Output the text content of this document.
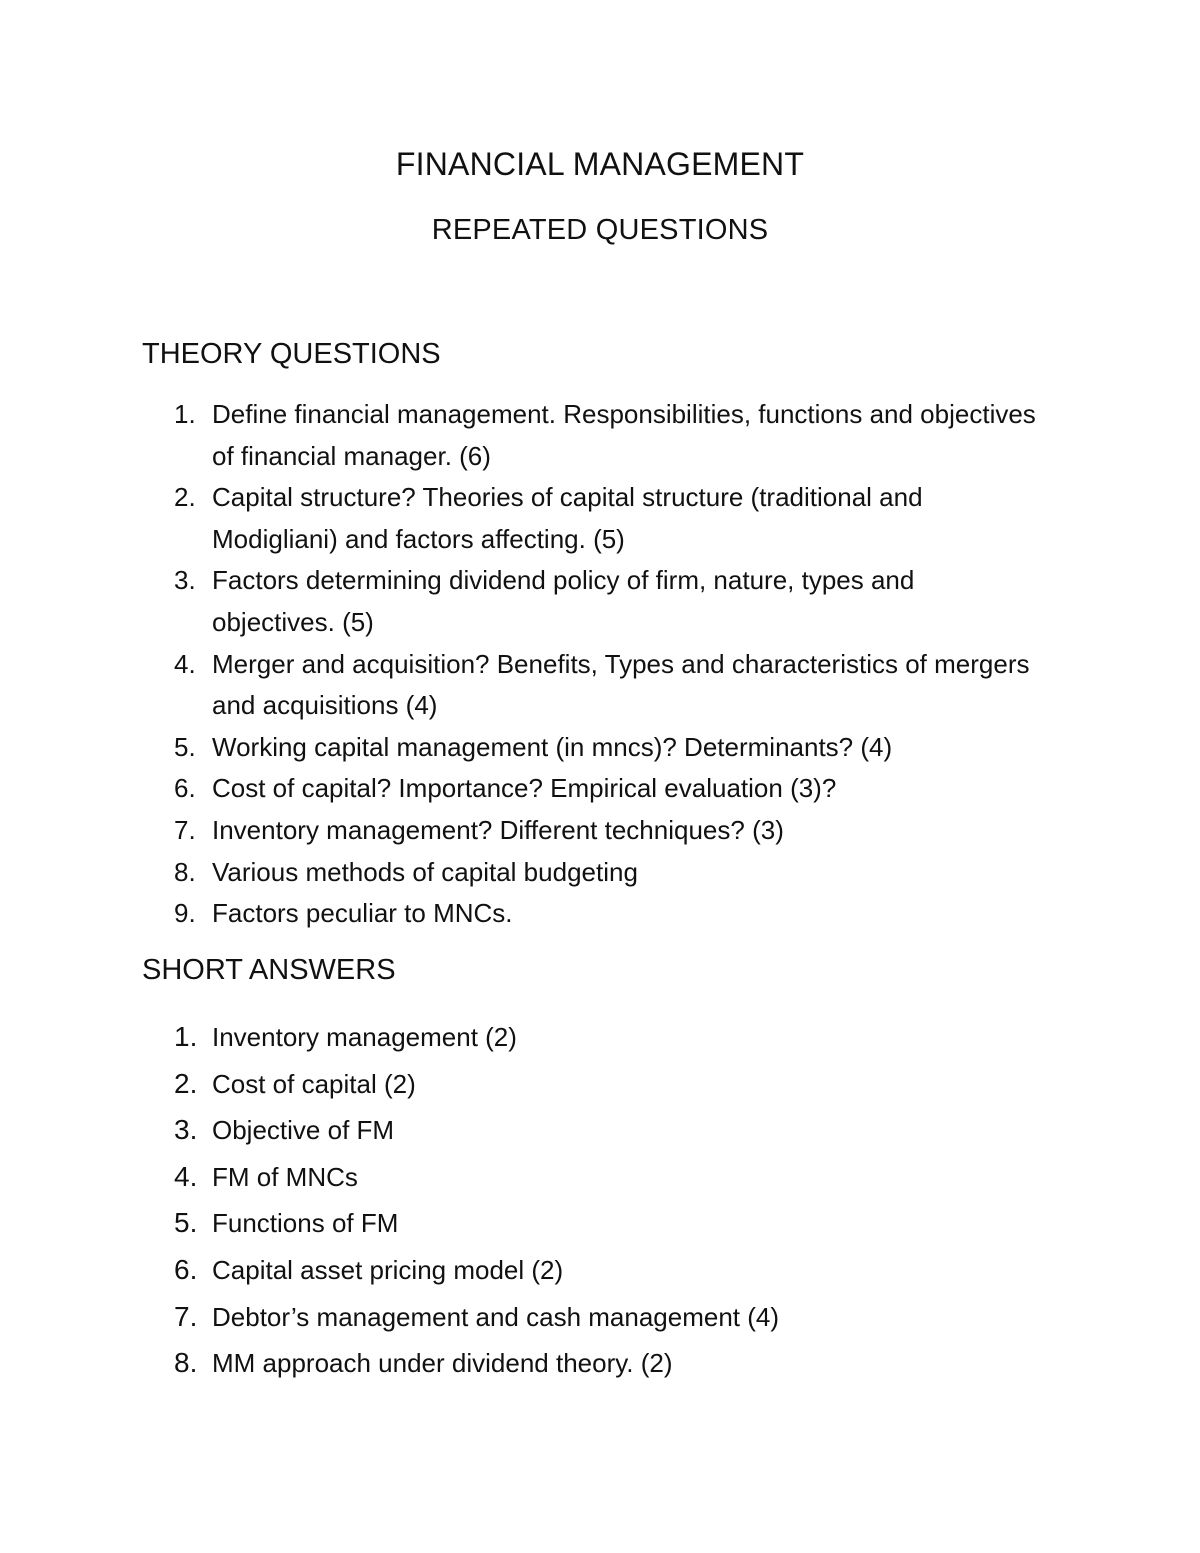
FINANCIAL MANAGEMENT
REPEATED QUESTIONS
THEORY QUESTIONS
1. Define financial management. Responsibilities, functions and objectives of financial manager. (6)
2. Capital structure? Theories of capital structure (traditional and Modigliani) and factors affecting. (5)
3. Factors determining dividend policy of firm, nature, types and objectives. (5)
4. Merger and acquisition? Benefits, Types and characteristics of mergers and acquisitions (4)
5. Working capital management (in mncs)? Determinants? (4)
6. Cost of capital? Importance? Empirical evaluation (3)?
7. Inventory management? Different techniques? (3)
8. Various methods of capital budgeting
9. Factors peculiar to MNCs.
SHORT ANSWERS
1. Inventory management (2)
2. Cost of capital (2)
3. Objective of FM
4. FM of MNCs
5. Functions of FM
6. Capital asset pricing model (2)
7. Debtor’s management and cash management (4)
8. MM approach under dividend theory. (2)
